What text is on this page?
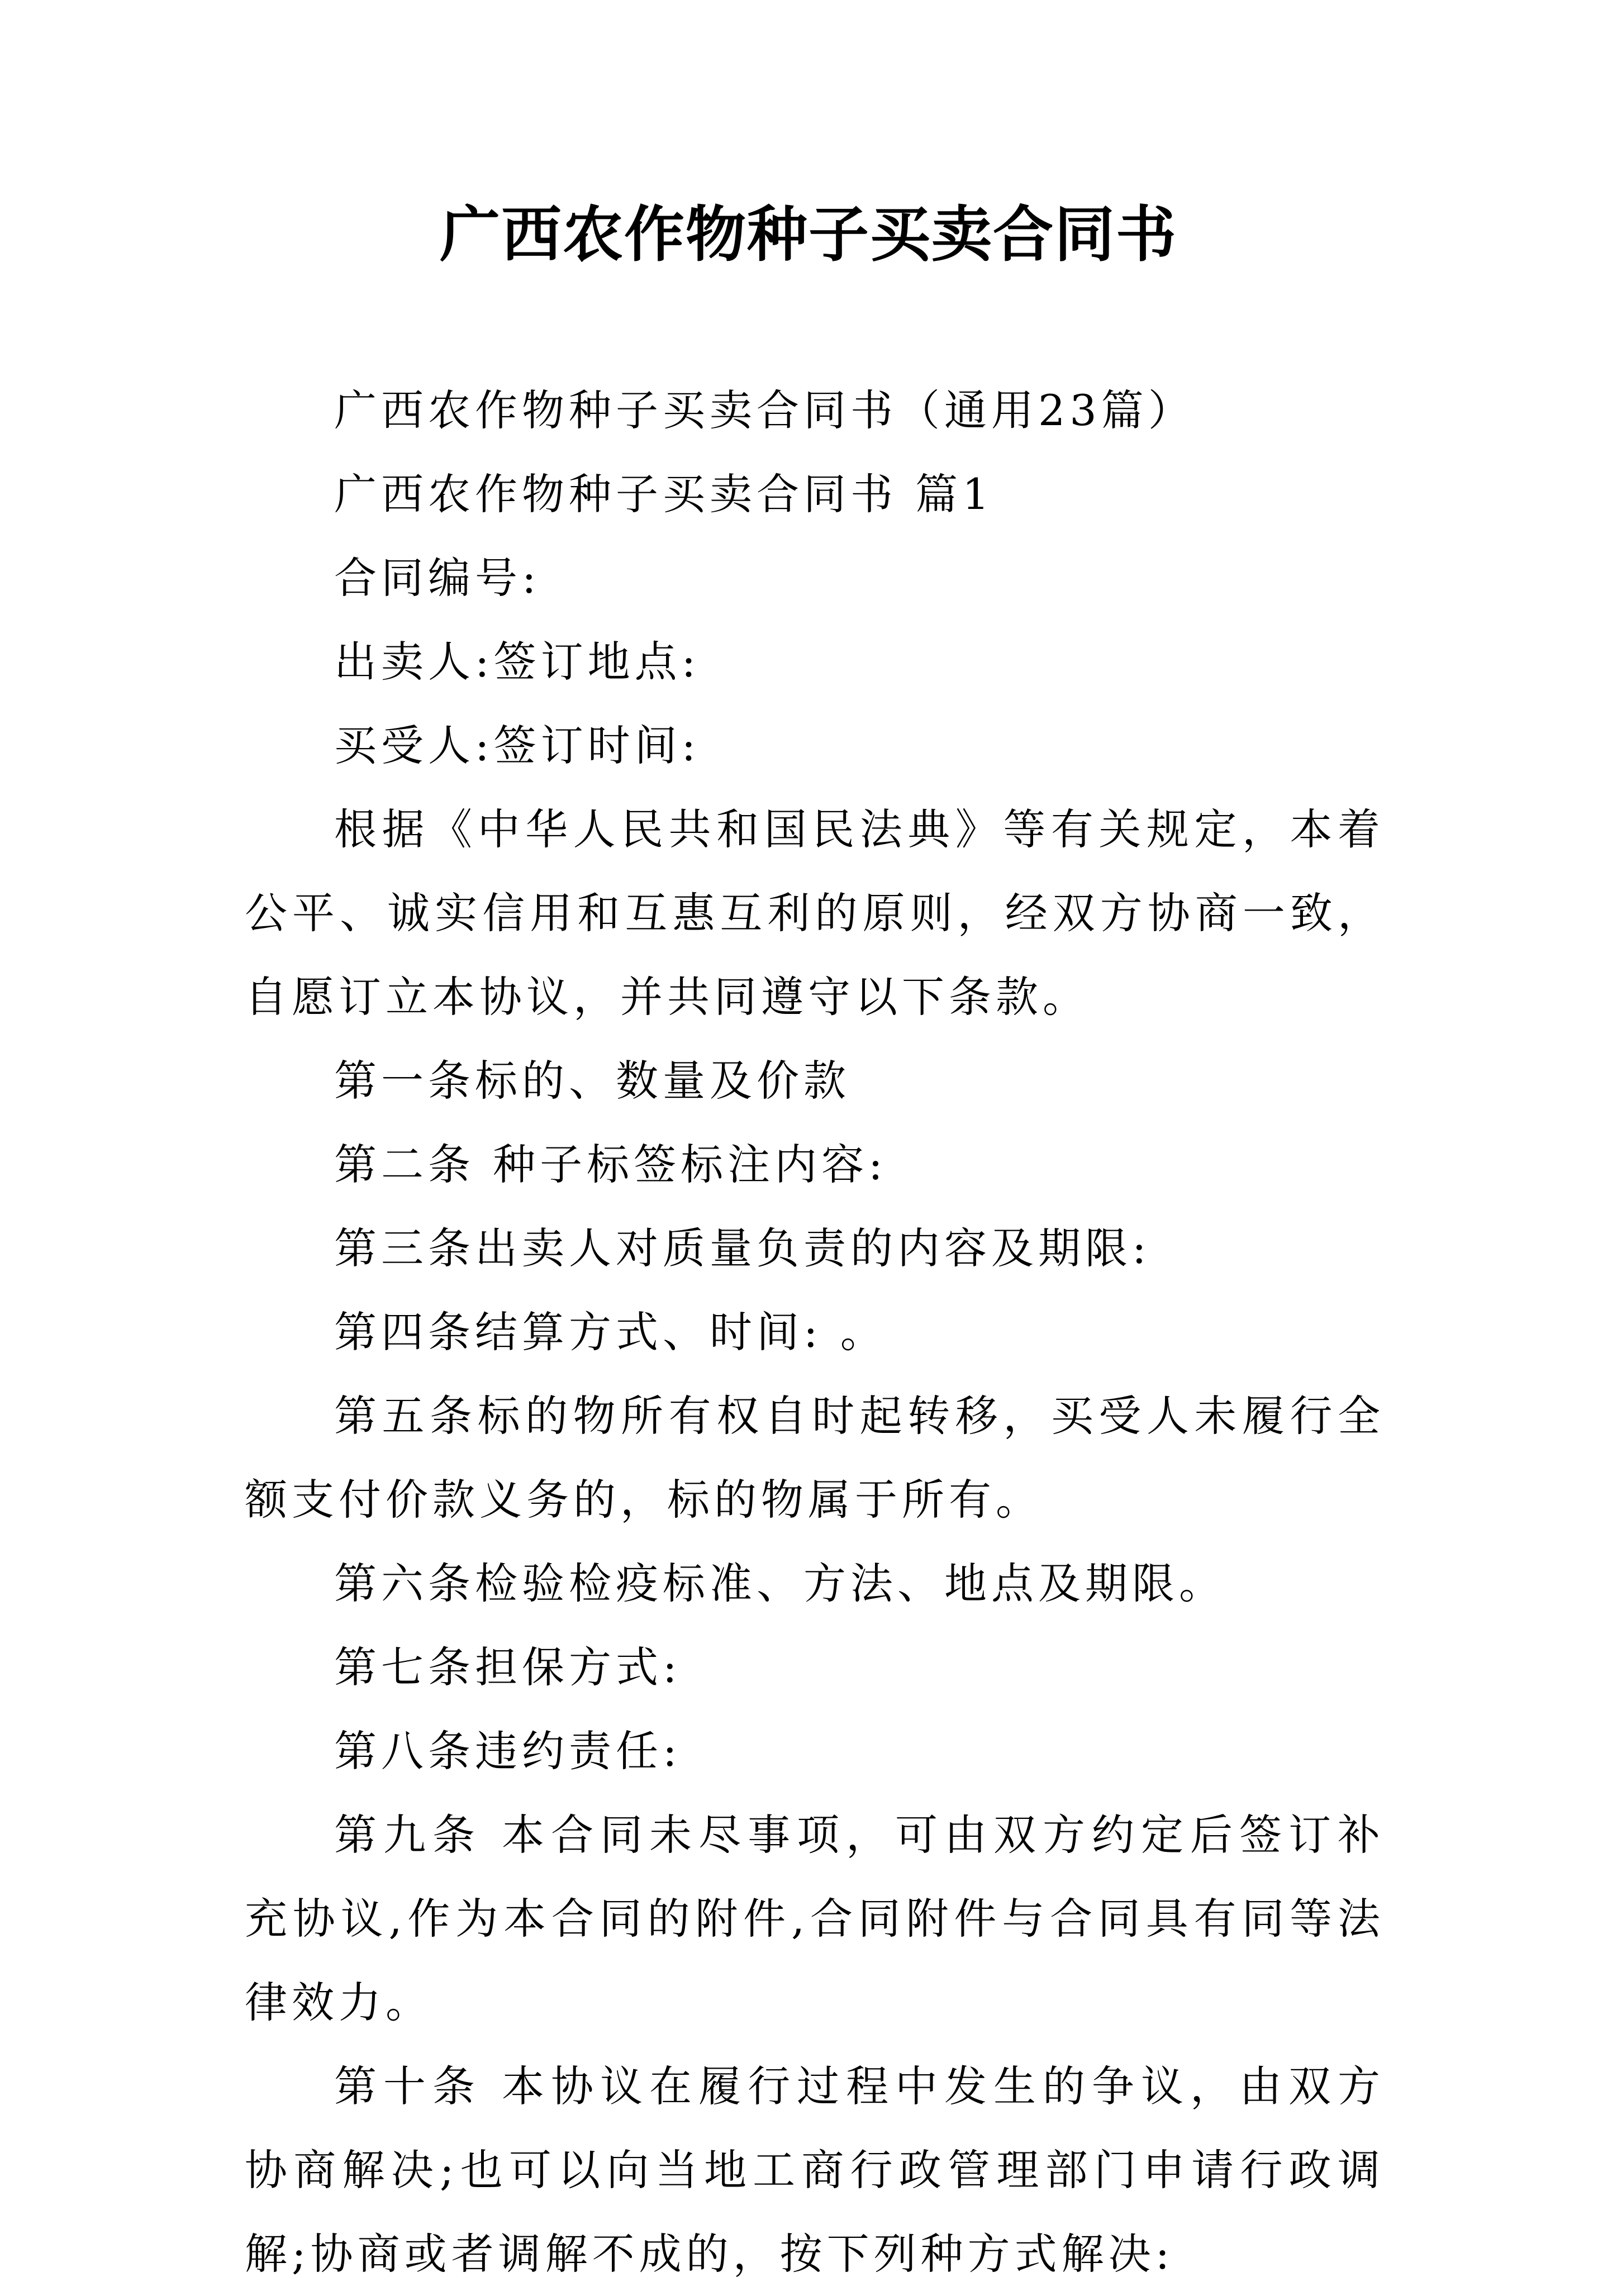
广西农作物种子买卖合同书

广西农作物种子买卖合同书（通用23篇）

广西农作物种子买卖合同书 篇1

合同编号:

出卖人:签订地点:

买受人:签订时间:

根据《中华人民共和国民法典》等有关规定，本着公平、诚实信用和互惠互利的原则，经双方协商一致，自愿订立本协议，并共同遵守以下条款。

第一条标的、数量及价款

第二条 种子标签标注内容:

第三条出卖人对质量负责的内容及期限:

第四条结算方式、时间: 。

第五条标的物所有权自时起转移，买受人未履行全额支付价款义务的，标的物属于所有。

第六条检验检疫标准、方法、地点及期限。

第七条担保方式:

第八条违约责任:

第九条 本合同未尽事项，可由双方约定后签订补充协议,作为本合同的附件,合同附件与合同具有同等法律效力。

第十条 本协议在履行过程中发生的争议，由双方协商解决;也可以向当地工商行政管理部门申请行政调解;协商或者调解不成的，按下列种方式解决:
